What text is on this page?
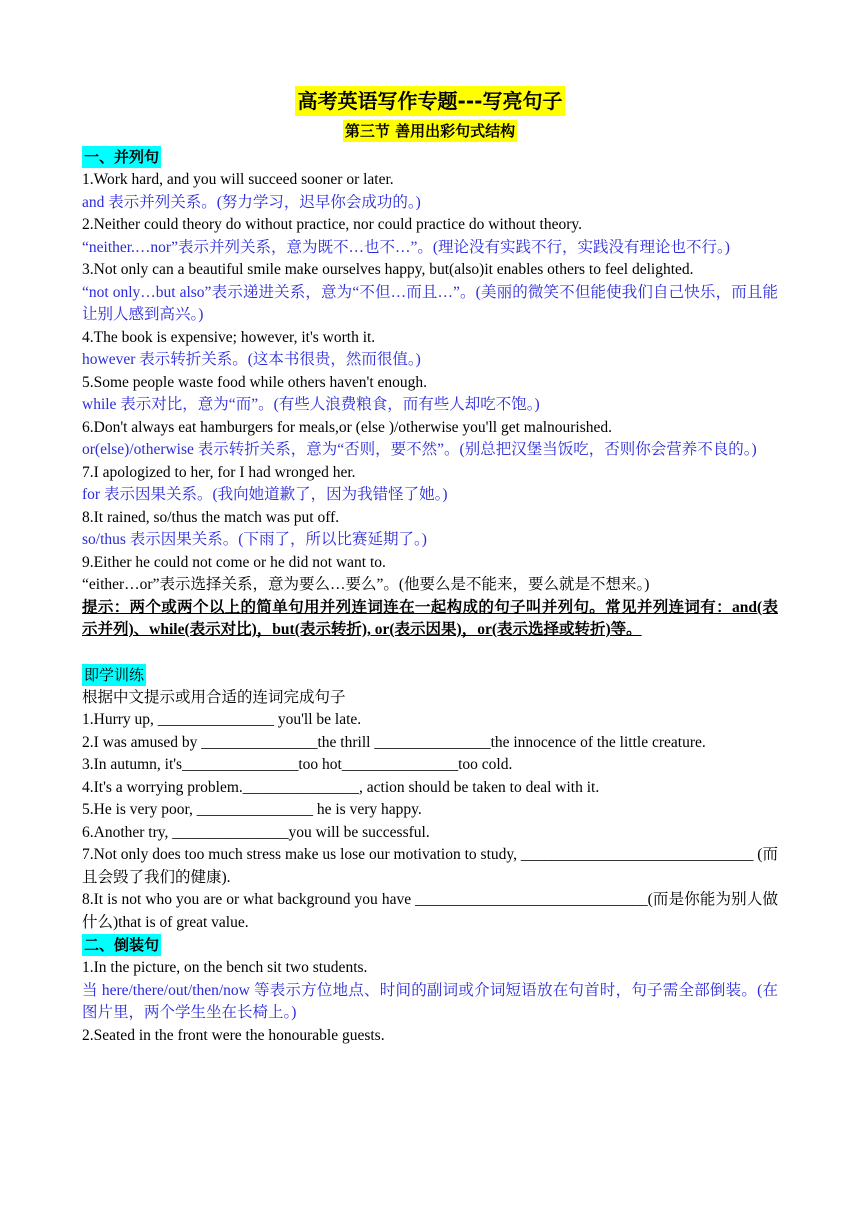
高考英语写作专题---写亮句子
第三节 善用出彩句式结构
一、并列句

1.Work hard, and you will succeed sooner or later.

and 表示并列关系。(努力学习，迟早你会成功的。)

2.Neither could theory do without practice, nor could practice do without theory.

“neither.…nor”表示并列关系，意为既不…也不…”。(理论没有实践不行，实践没有理论也不行。)

3.Not only can a beautiful smile make ourselves happy, but(also)it enables others to feel delighted.

“not only…but also”表示递进关系，意为“不但…而且…”。(美丽的微笑不但能使我们自己快乐，而且能让别人感到高兴。)

4.The book is expensive; however, it's worth it.

however 表示转折关系。(这本书很贵，然而很值。)

5.Some people waste food while others haven't enough.

while 表示对比，意为“而”。(有些人浪费粮食，而有些人却吃不饱。)

6.Don't always eat hamburgers for meals,or (else )/otherwise you'll get malnourished.

or(else)/otherwise 表示转折关系，意为“否则，要不然”。(别总把汉堡当饭吃，否则你会营养不良的。)

7.I apologized to her, for I had wronged her.

for 表示因果关系。(我向她道歉了，因为我错怪了她。)

8.It rained, so/thus the match was put off.

so/thus 表示因果关系。(下雨了，所以比赛延期了。)

9.Either he could not come or he did not want to.

“either…or”表示选择关系，意为要么…要么”。(他要么是不能来，要么就是不想来。)

提示：两个或两个以上的简单句用并列连词连在一起构成的句子叫并列句。常见并列连词有：and(表示并列)、while(表示对比)，but(表示转折), or(表示因果)，or(表示选择或转折)等。

即学训练

根据中文提示或用合适的连词完成句子

1.Hurry up, _______________ you'll be late.

2.I was amused by _______________the thrill _______________the innocence of the little creature.

3.In autumn, it's_______________too hot_______________too cold.

4.It's a worrying problem._______________, action should be taken to deal with it.

5.He is very poor, _______________ he is very happy.

6.Another try, _______________you will be successful.

7.Not only does too much stress make us lose our motivation to study, ______________________________ (而且会毁了我们的健康).

8.It is not who you are or what background you have ______________________________(而是你能为别人做什么)that is of great value.

二、倒装句

1.In the picture, on the bench sit two students.

当 here/there/out/then/now 等表示方位地点、时间的副词或介词短语放在句首时，句子需全部倒装。(在图片里，两个学生坐在长椅上。)

2.Seated in the front were the honourable guests.
